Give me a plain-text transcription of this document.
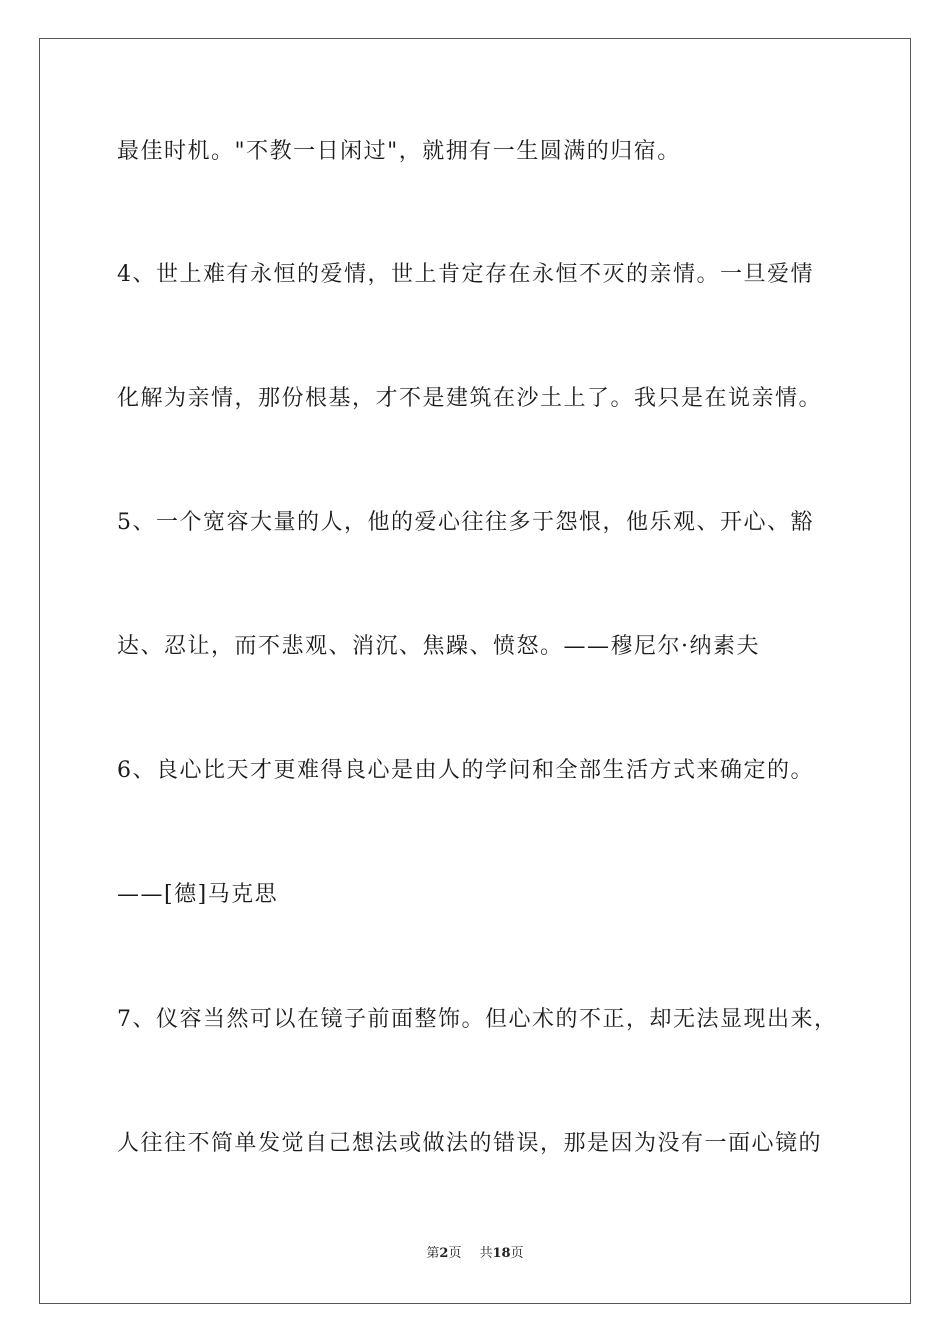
最佳时机。"不教一日闲过"，就拥有一生圆满的归宿。
4、世上难有永恒的爱情，世上肯定存在永恒不灭的亲情。一旦爱情
化解为亲情，那份根基，才不是建筑在沙土上了。我只是在说亲情。
5、一个宽容大量的人，他的爱心往往多于怨恨，他乐观、开心、豁
达、忍让，而不悲观、消沉、焦躁、愤怒。——穆尼尔·纳素夫
6、良心比天才更难得良心是由人的学问和全部生活方式来确定的。
——[德]马克思
7、仪容当然可以在镜子前面整饰。但心术的不正，却无法显现出来，
人往往不简单发觉自己想法或做法的错误，那是因为没有一面心镜的
第2页 共18页
